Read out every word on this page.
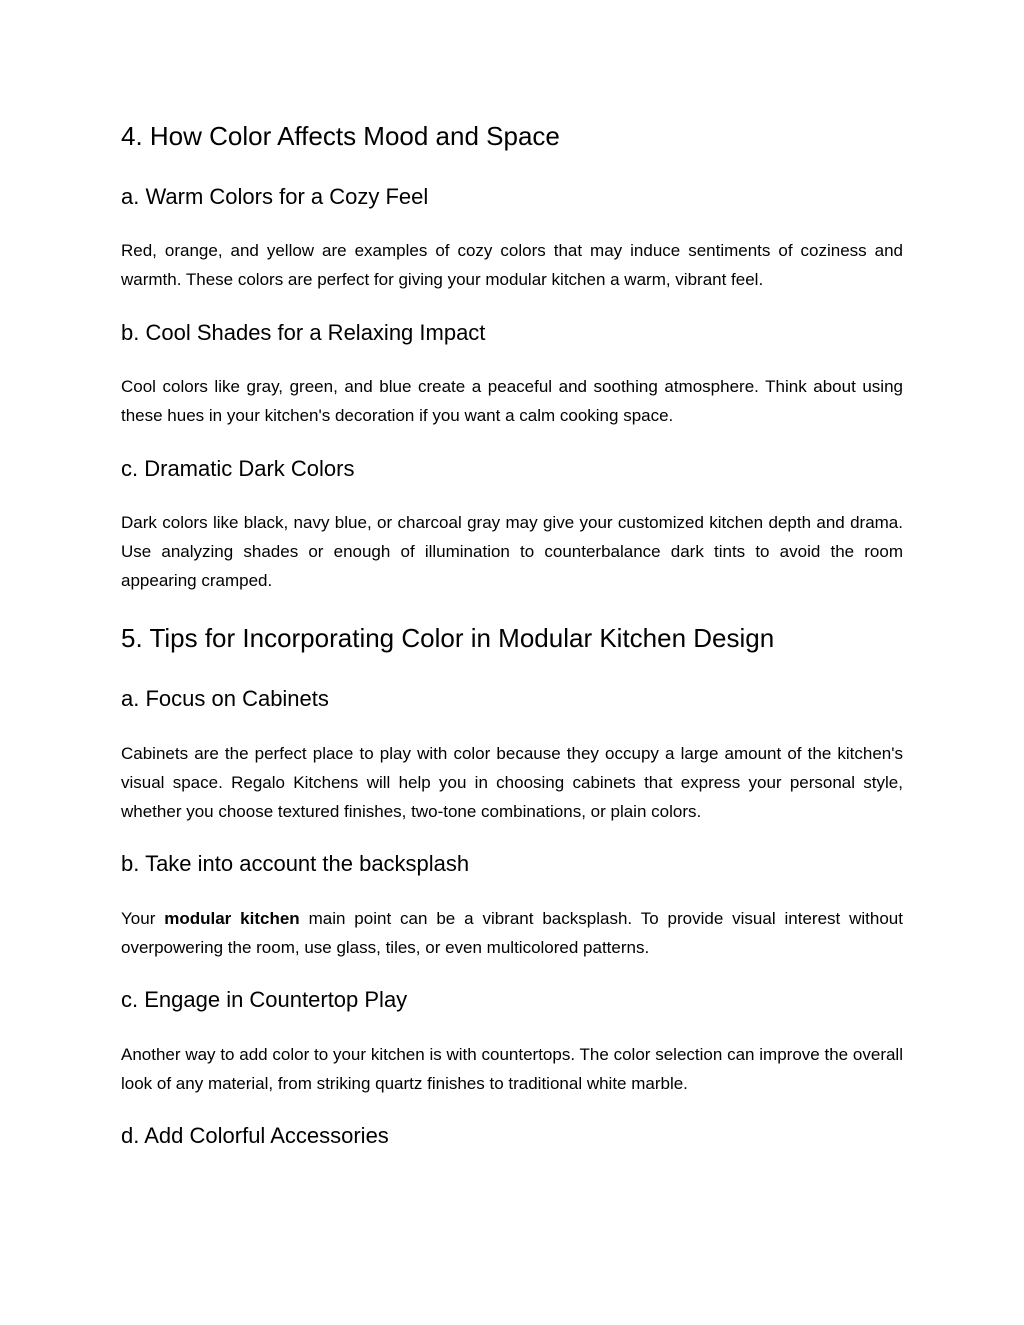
4. How Color Affects Mood and Space
a. Warm Colors for a Cozy Feel

Red, orange, and yellow are examples of cozy colors that may induce sentiments of coziness and warmth. These colors are perfect for giving your modular kitchen a warm, vibrant feel.

b. Cool Shades for a Relaxing Impact

Cool colors like gray, green, and blue create a peaceful and soothing atmosphere. Think about using these hues in your kitchen's decoration if you want a calm cooking space.

c. Dramatic Dark Colors

Dark colors like black, navy blue, or charcoal gray may give your customized kitchen depth and drama. Use analyzing shades or enough of illumination to counterbalance dark tints to avoid the room appearing cramped.

5. Tips for Incorporating Color in Modular Kitchen Design
a. Focus on Cabinets

Cabinets are the perfect place to play with color because they occupy a large amount of the kitchen's visual space. Regalo Kitchens will help you in choosing cabinets that express your personal style, whether you choose textured finishes, two-tone combinations, or plain colors.

b. Take into account the backsplash

Your modular kitchen main point can be a vibrant backsplash. To provide visual interest without overpowering the room, use glass, tiles, or even multicolored patterns.

c. Engage in Countertop Play

Another way to add color to your kitchen is with countertops. The color selection can improve the overall look of any material, from striking quartz finishes to traditional white marble.

d. Add Colorful Accessories
